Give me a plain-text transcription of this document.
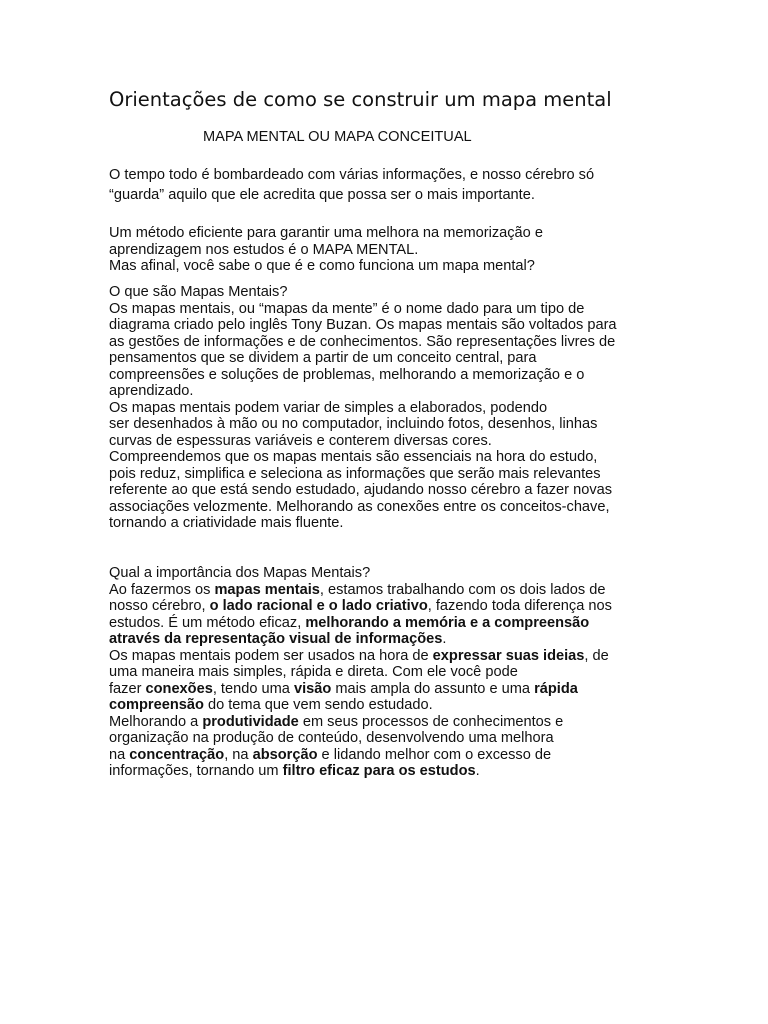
Orientações de como se construir um mapa mental
MAPA MENTAL OU MAPA CONCEITUAL
O tempo todo é bombardeado com várias informações, e nosso cérebro só
“guarda” aquilo que ele acredita que possa ser o mais importante.
Um método eficiente para garantir uma melhora na memorização e
aprendizagem nos estudos é o MAPA MENTAL.
Mas afinal, você sabe o que é e como funciona um mapa mental?
O que são Mapas Mentais?
Os mapas mentais, ou “mapas da mente” é o nome dado para um tipo de
diagrama criado pelo inglês Tony Buzan. Os mapas mentais são voltados para
as gestões de informações e de conhecimentos. São representações livres de
pensamentos que se dividem a partir de um conceito central, para
compreensões e soluções de problemas, melhorando a memorização e o
aprendizado.
Os mapas mentais podem variar de simples a elaborados, podendo
ser desenhados à mão ou no computador, incluindo fotos, desenhos, linhas
curvas de espessuras variáveis e conterem diversas cores.
Compreendemos que os mapas mentais são essenciais na hora do estudo,
pois reduz, simplifica e seleciona as informações que serão mais relevantes
referente ao que está sendo estudado, ajudando nosso cérebro a fazer novas
associações velozmente. Melhorando as conexões entre os conceitos-chave,
tornando a criatividade mais fluente.
Qual a importância dos Mapas Mentais?
Ao fazermos os mapas mentais, estamos trabalhando com os dois lados de
nosso cérebro, o lado racional e o lado criativo, fazendo toda diferença nos
estudos. É um método eficaz, melhorando a memória e a compreensão
através da representação visual de informações.
Os mapas mentais podem ser usados na hora de expressar suas ideias, de
uma maneira mais simples, rápida e direta. Com ele você pode
fazer conexões, tendo uma visão mais ampla do assunto e uma rápida
compreensão do tema que vem sendo estudado.
Melhorando a produtividade em seus processos de conhecimentos e
organização na produção de conteúdo, desenvolvendo uma melhora
na concentração, na absorção e lidando melhor com o excesso de
informações, tornando um filtro eficaz para os estudos.
